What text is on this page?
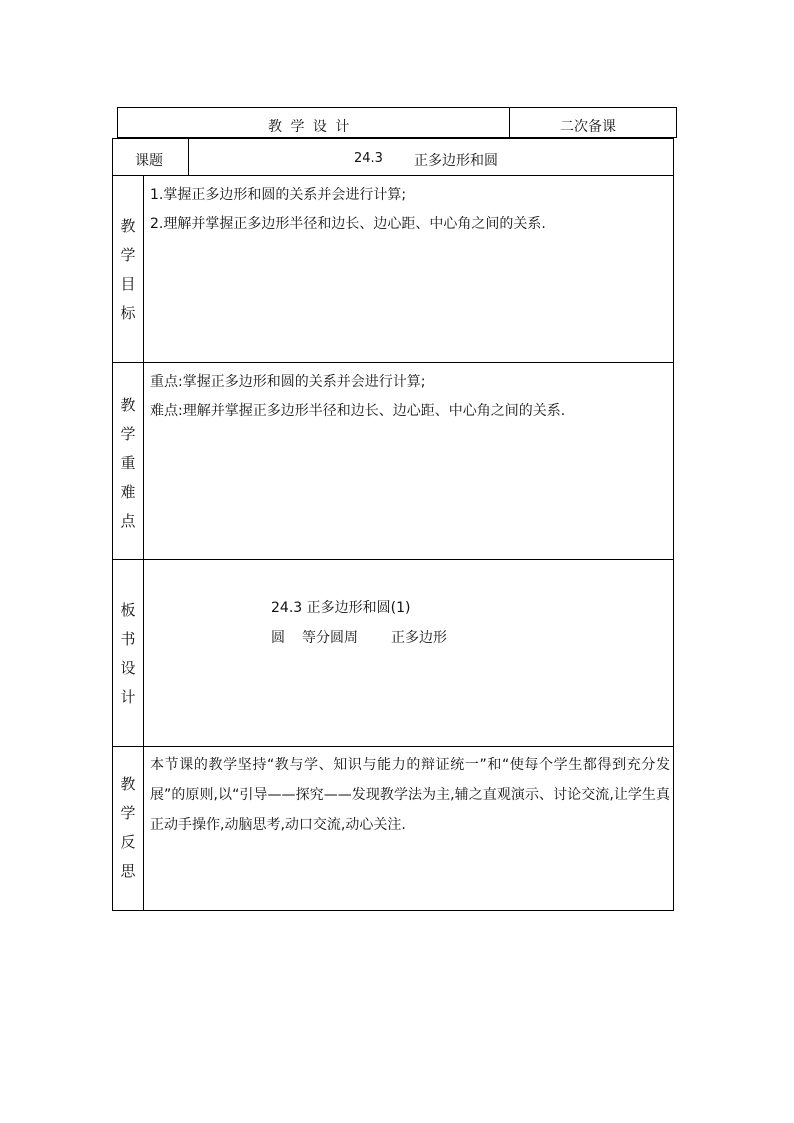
教 学 设 计	二次备课
课题	24.3 正多边形和圆
教
学
目
标
1.掌握正多边形和圆的关系并会进行计算;
2.理解并掌握正多边形半径和边长、边心距、中心角之间的关系.
教
学
重
难
点
重点:掌握正多边形和圆的关系并会进行计算;
难点:理解并掌握正多边形半径和边长、边心距、中心角之间的关系.
板
书
设
计
24.3 正多边形和圆(1)
圆 等分圆周 正多边形
教
学
反
思
本节课的教学坚持“教与学、知识与能力的辩证统一”和“使每个学生都得到充分发展”的原则,以“引导——探究——发现教学法为主,辅之直观演示、讨论交流,让学生真正动手操作,动脑思考,动口交流,动心关注.
